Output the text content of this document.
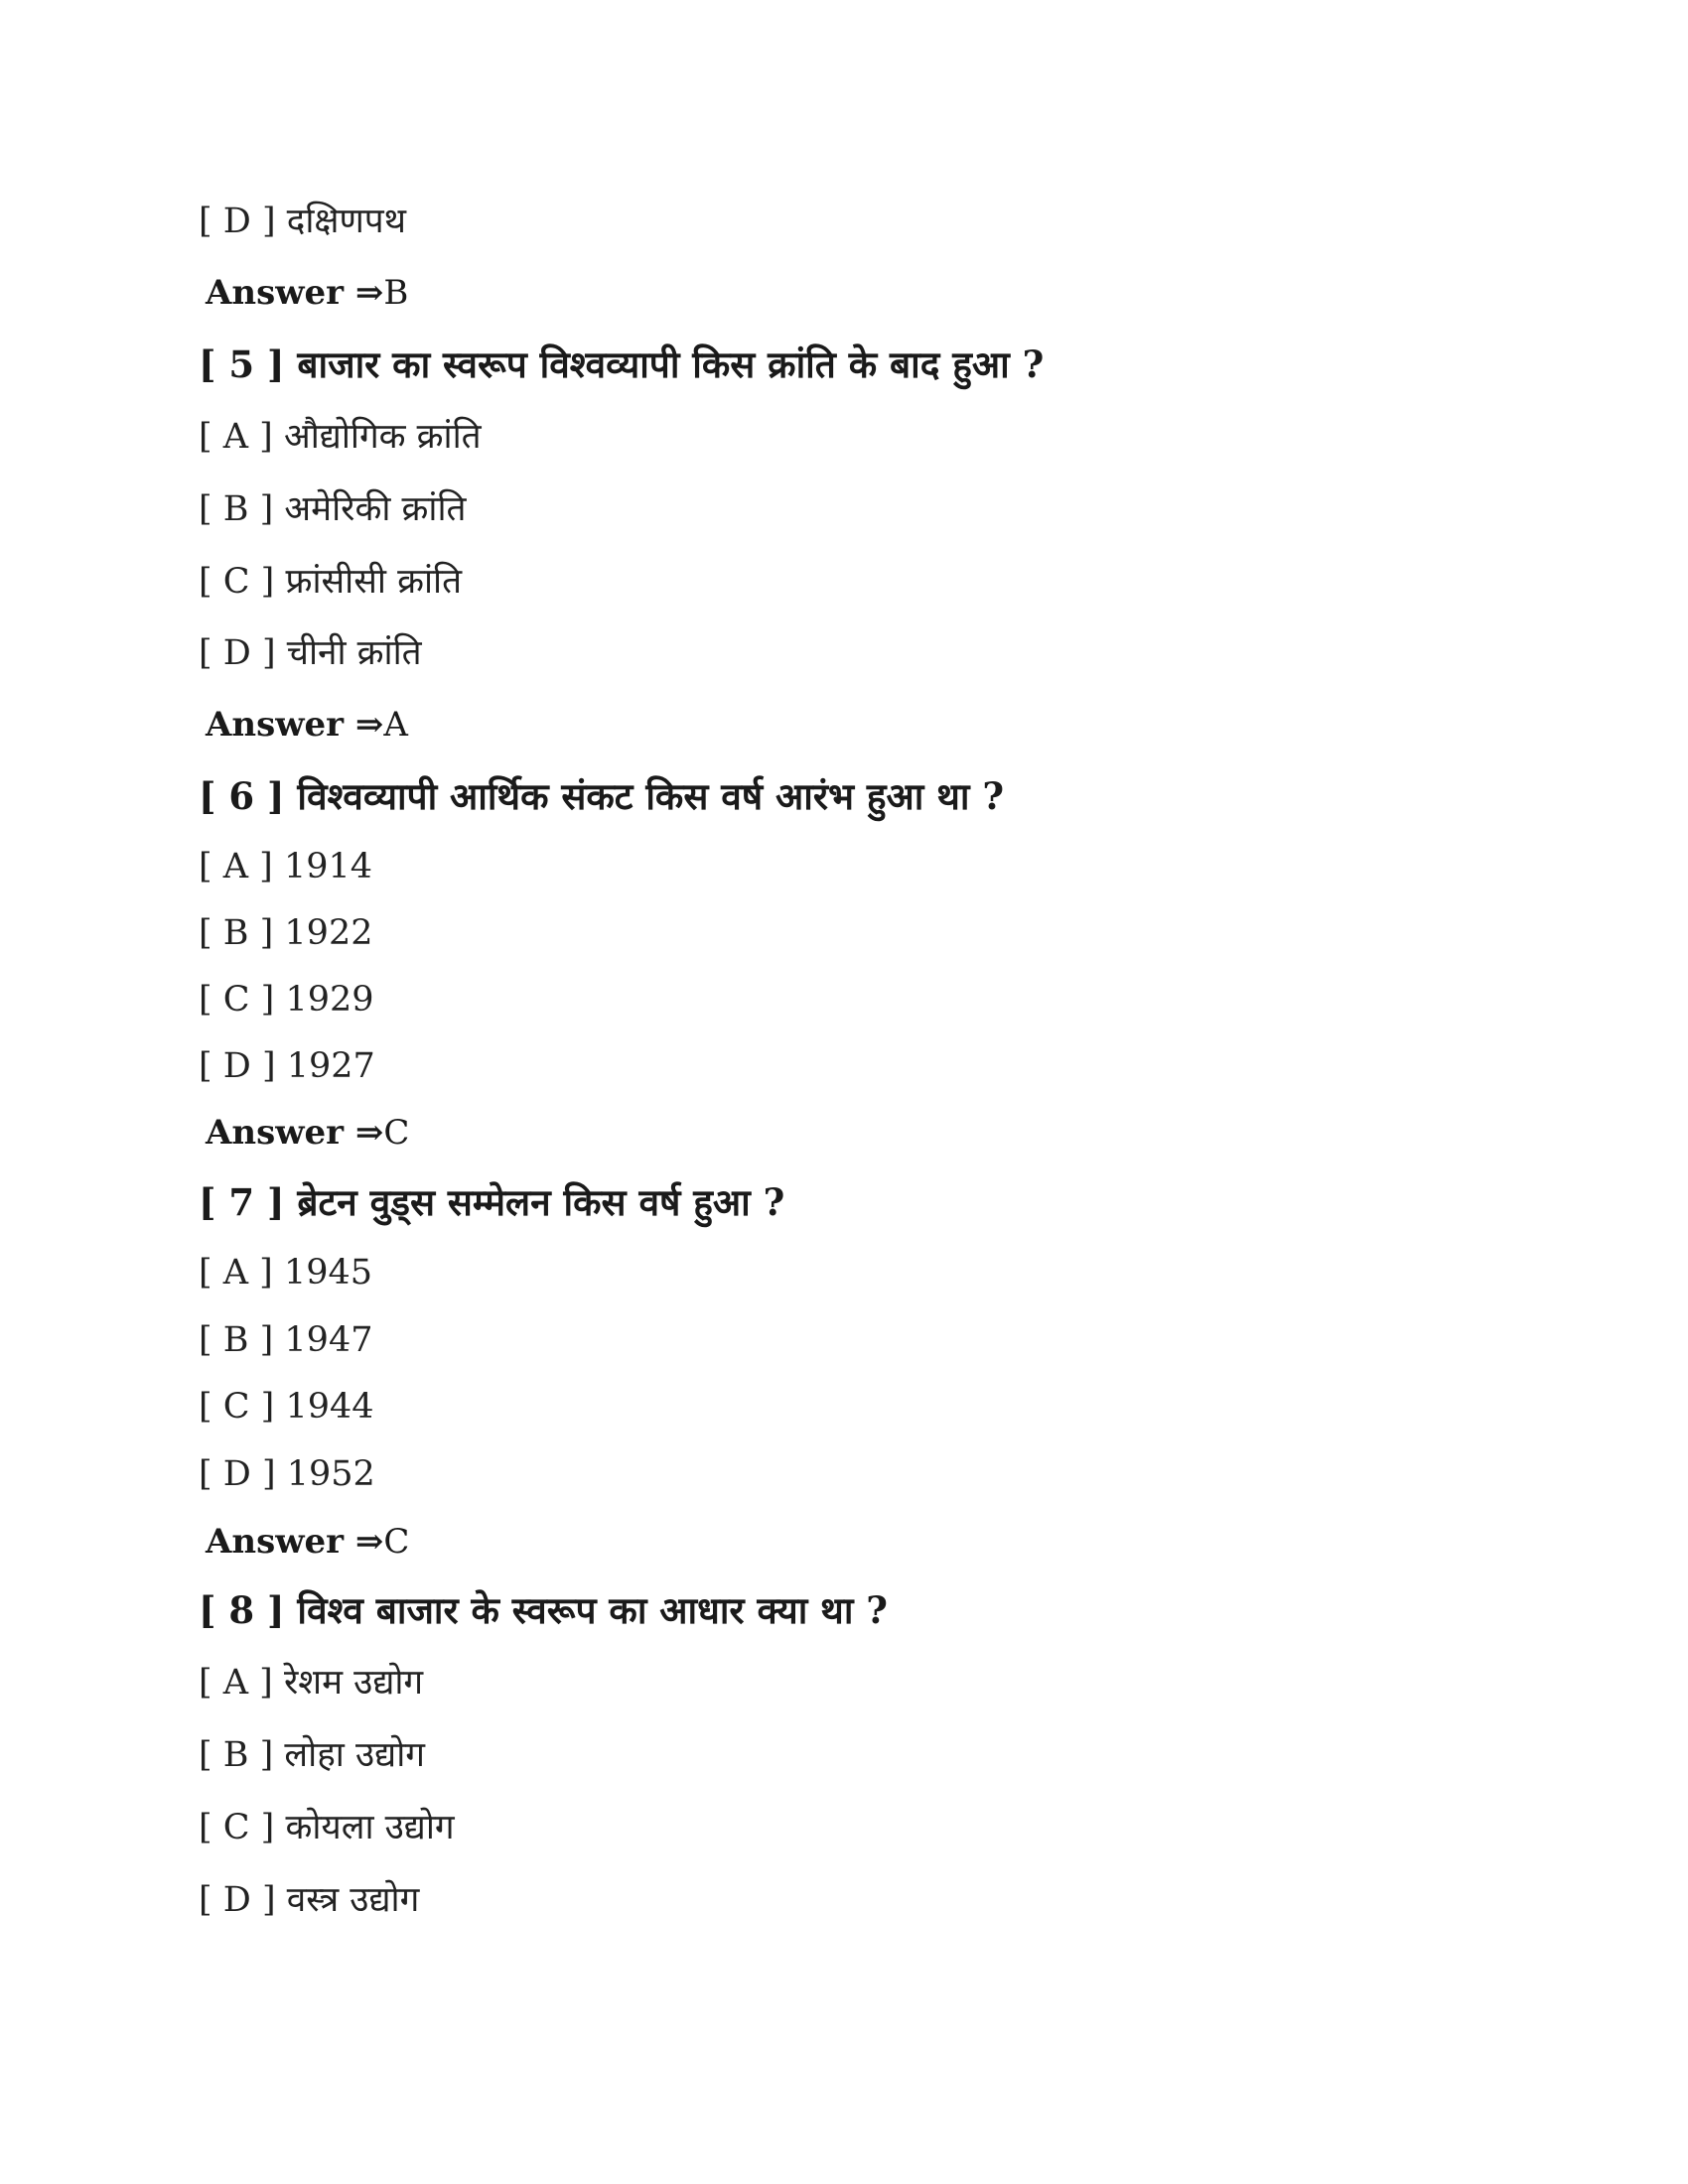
[ D ] दक्षिणपथ
Answer ⇒B
[ 5 ] बाजार का स्वरूप विश्वव्यापी किस क्रांति के बाद हुआ ?
[ A ] औद्योगिक क्रांति
[ B ] अमेरिकी क्रांति
[ C ] फ्रांसीसी क्रांति
[ D ] चीनी क्रांति
Answer ⇒A
[ 6 ] विश्वव्यापी आर्थिक संकट किस वर्ष आरंभ हुआ था ?
[ A ] 1914
[ B ] 1922
[ C ] 1929
[ D ] 1927
Answer ⇒C
[ 7 ] ब्रेटन वुड्स सम्मेलन किस वर्ष हुआ ?
[ A ] 1945
[ B ] 1947
[ C ] 1944
[ D ] 1952
Answer ⇒C
[ 8 ] विश्व बाजार के स्वरूप का आधार क्या था ?
[ A ] रेशम उद्योग
[ B ] लोहा उद्योग
[ C ] कोयला उद्योग
[ D ] वस्त्र उद्योग
